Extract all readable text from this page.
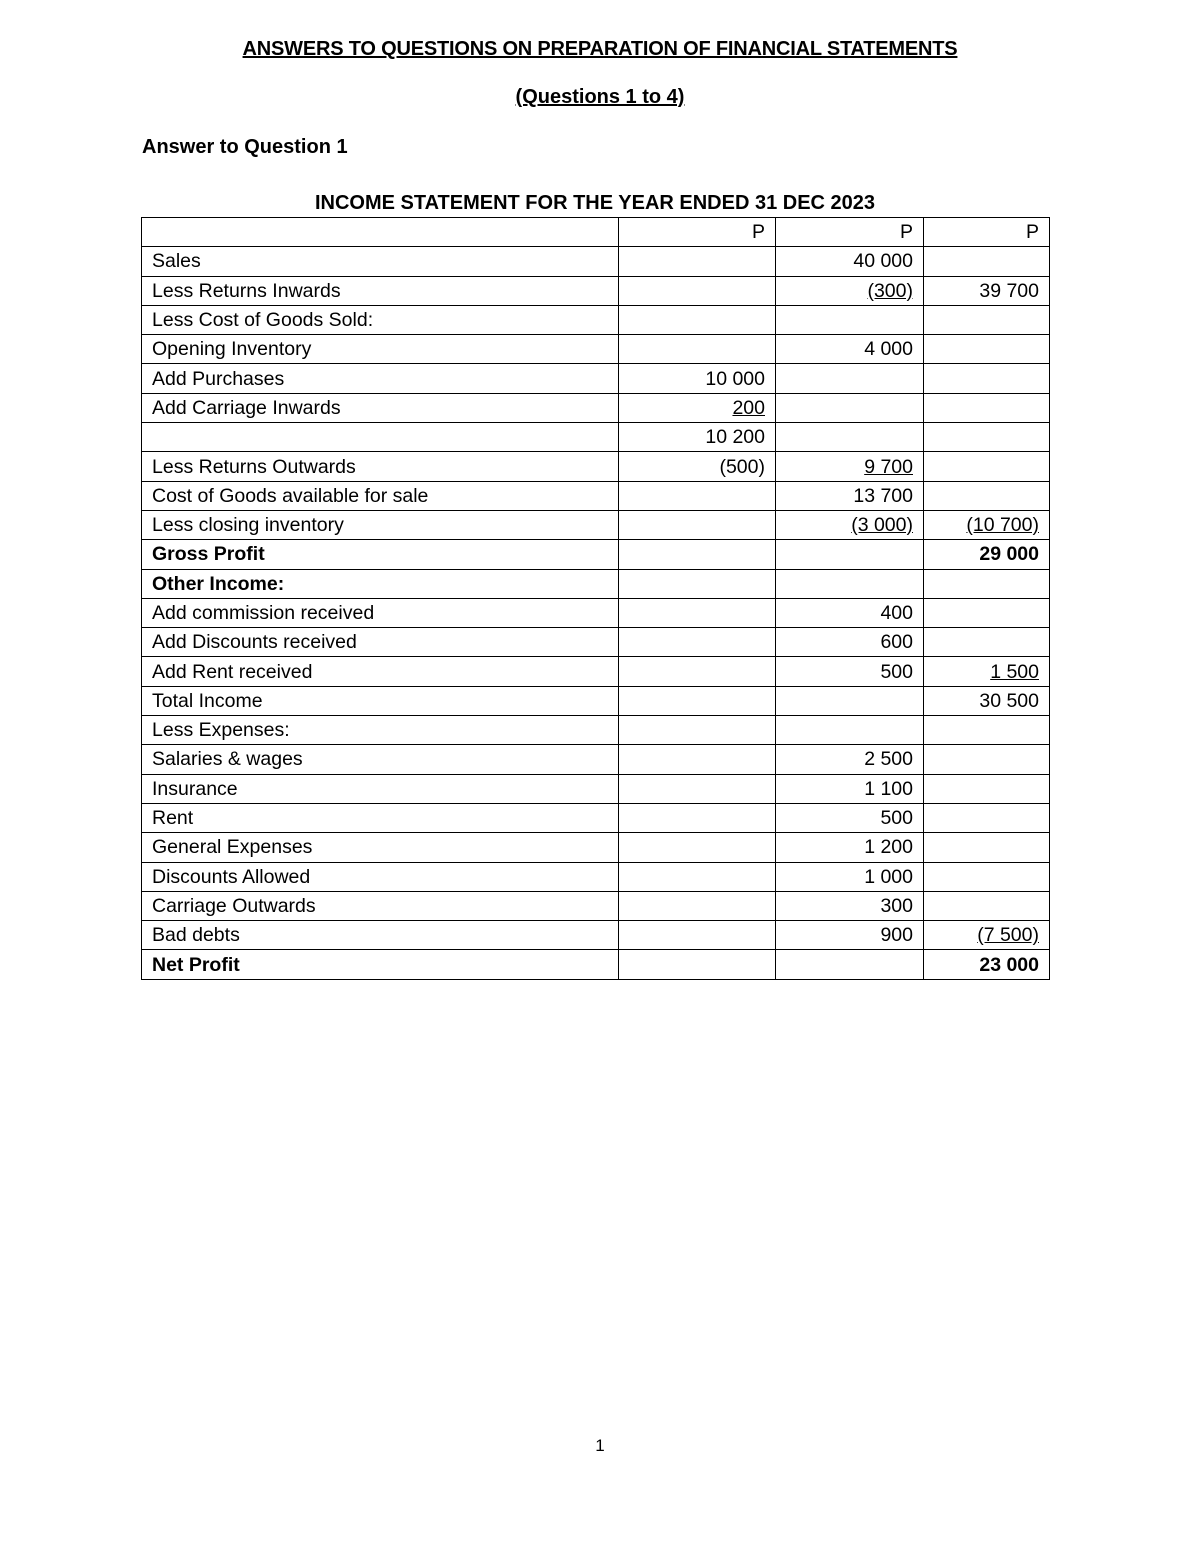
ANSWERS TO QUESTIONS ON PREPARATION OF FINANCIAL STATEMENTS
(Questions 1 to 4)
Answer to Question 1
INCOME STATEMENT FOR THE YEAR ENDED 31 DEC 2023
	P	P	P
Sales		40 000	
Less Returns Inwards		(300)	39 700
Less Cost of Goods Sold:			
Opening Inventory		4 000	
Add Purchases	10 000		
Add Carriage Inwards	200		
	10 200		
Less Returns Outwards	(500)	9 700	
Cost of Goods available for sale		13 700	
Less closing inventory		(3 000)	(10 700)
Gross Profit			29 000
Other Income:			
Add commission received		400	
Add Discounts received		600	
Add Rent received		500	1 500
Total Income			30 500
Less Expenses:			
Salaries & wages		2 500	
Insurance		1 100	
Rent		500	
General Expenses		1 200	
Discounts Allowed		1 000	
Carriage Outwards		300	
Bad debts		900	(7 500)
Net Profit			23 000
1
